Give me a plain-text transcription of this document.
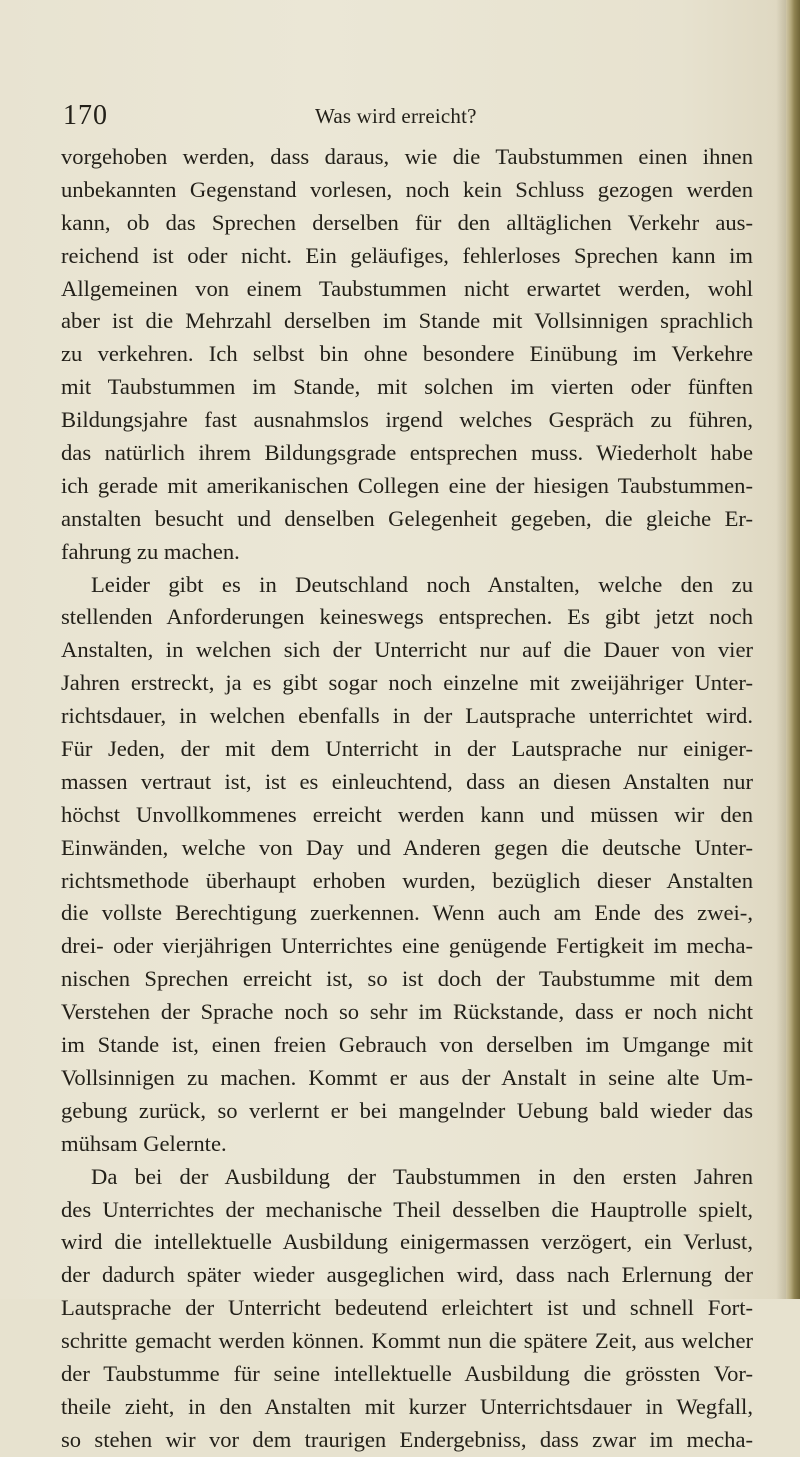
170	Was wird erreicht?
vorgehoben werden, dass daraus, wie die Taubstummen einen ihnen
unbekannten Gegenstand vorlesen, noch kein Schluss gezogen werden
kann, ob das Sprechen derselben für den alltäglichen Verkehr aus-
reichend ist oder nicht. Ein geläufiges, fehlerloses Sprechen kann im
Allgemeinen von einem Taubstummen nicht erwartet werden, wohl
aber ist die Mehrzahl derselben im Stande mit Vollsinnigen sprachlich
zu verkehren. Ich selbst bin ohne besondere Einübung im Verkehre
mit Taubstummen im Stande, mit solchen im vierten oder fünften
Bildungsjahre fast ausnahmslos irgend welches Gespräch zu führen,
das natürlich ihrem Bildungsgrade entsprechen muss. Wiederholt habe
ich gerade mit amerikanischen Collegen eine der hiesigen Taubstummen-
anstalten besucht und denselben Gelegenheit gegeben, die gleiche Er-
fahrung zu machen.
Leider gibt es in Deutschland noch Anstalten, welche den zu
stellenden Anforderungen keineswegs entsprechen. Es gibt jetzt noch
Anstalten, in welchen sich der Unterricht nur auf die Dauer von vier
Jahren erstreckt, ja es gibt sogar noch einzelne mit zweijähriger Unter-
richtsdauer, in welchen ebenfalls in der Lautsprache unterrichtet wird.
Für Jeden, der mit dem Unterricht in der Lautsprache nur einiger-
massen vertraut ist, ist es einleuchtend, dass an diesen Anstalten nur
höchst Unvollkommenes erreicht werden kann und müssen wir den
Einwänden, welche von Day und Anderen gegen die deutsche Unter-
richtsmethode überhaupt erhoben wurden, bezüglich dieser Anstalten
die vollste Berechtigung zuerkennen. Wenn auch am Ende des zwei-,
drei- oder vierjährigen Unterrichtes eine genügende Fertigkeit im mecha-
nischen Sprechen erreicht ist, so ist doch der Taubstumme mit dem
Verstehen der Sprache noch so sehr im Rückstande, dass er noch nicht
im Stande ist, einen freien Gebrauch von derselben im Umgange mit
Vollsinnigen zu machen. Kommt er aus der Anstalt in seine alte Um-
gebung zurück, so verlernt er bei mangelnder Uebung bald wieder das
mühsam Gelernte.
Da bei der Ausbildung der Taubstummen in den ersten Jahren
des Unterrichtes der mechanische Theil desselben die Hauptrolle spielt,
wird die intellektuelle Ausbildung einigermassen verzögert, ein Verlust,
der dadurch später wieder ausgeglichen wird, dass nach Erlernung der
Lautsprache der Unterricht bedeutend erleichtert ist und schnell Fort-
schritte gemacht werden können. Kommt nun die spätere Zeit, aus welcher
der Taubstumme für seine intellektuelle Ausbildung die grössten Vor-
theile zieht, in den Anstalten mit kurzer Unterrichtsdauer in Wegfall,
so stehen wir vor dem traurigen Endergebniss, dass zwar im mecha-
